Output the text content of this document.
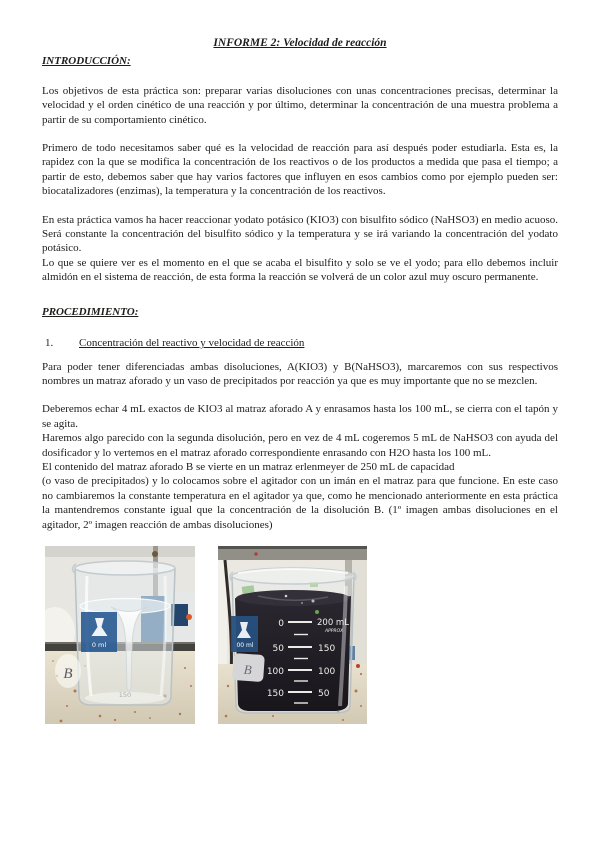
INFORME 2: Velocidad de reacción
INTRODUCCIÓN:

Los objetivos de esta práctica son: preparar varias disoluciones con unas concentraciones precisas, determinar la velocidad y el orden cinético de una reacción y por último, determinar la concentración de una muestra problema a partir de su comportamiento cinético.

Primero de todo necesitamos saber qué es la velocidad de reacción para así después poder estudiarla. Esta es, la rapidez con la que se modifica la concentración de los reactivos o de los productos a medida que pasa el tiempo; a partir de esto, debemos saber que hay varios factores que influyen en esos cambios como por ejemplo pueden ser: biocatalizadores (enzimas), la temperatura y la concentración de los reactivos.

En esta práctica vamos ha hacer reaccionar yodato potásico (KIO3) con bisulfito sódico (NaHSO3) en medio acuoso. Será constante la concentración del bisulfito sódico y la temperatura y se irá variando la concentración del yodato potásico.

Lo que se quiere ver es el momento en el que se acaba el bisulfito y solo se ve el yodo; para ello debemos incluir almidón en el sistema de reacción, de esta forma la reacción se volverá de un color azul muy oscuro permanente.

PROCEDIMIENTO:
1.	Concentración del reactivo y velocidad de reacción

Para poder tener diferenciadas ambas disoluciones, A(KIO3) y B(NaHSO3), marcaremos con sus respectivos nombres un matraz aforado y un vaso de precipitados por reacción ya que es muy importante que no se mezclen.

Deberemos echar 4 mL exactos de KIO3 al matraz aforado A y enrasamos hasta los 100 mL, se cierra con el tapón y se agita.

Haremos algo parecido con la segunda disolución, pero en vez de 4 mL cogeremos 5 mL de NaHSO3 con ayuda del dosificador y lo vertemos en el matraz aforado correspondiente enrasando con H2O hasta los 100 mL.

El contenido del matraz aforado B se vierte en un matraz erlenmeyer de 250 mL de capacidad

(o vaso de precipitados) y lo colocamos sobre el agitador con un imán en el matraz para que funcione. En este caso no cambiaremos la constante temperatura en el agitador ya que, como he mencionado anteriormente en esta práctica la mantendremos constante igual que la concentración de la disolución B. (1º imagen ambas disoluciones en el agitador, 2º imagen reacción de ambas disoluciones)

0 ml
B
150
00 ml
B
0
50
100
150
200 mL
APPROX
150
100
50
